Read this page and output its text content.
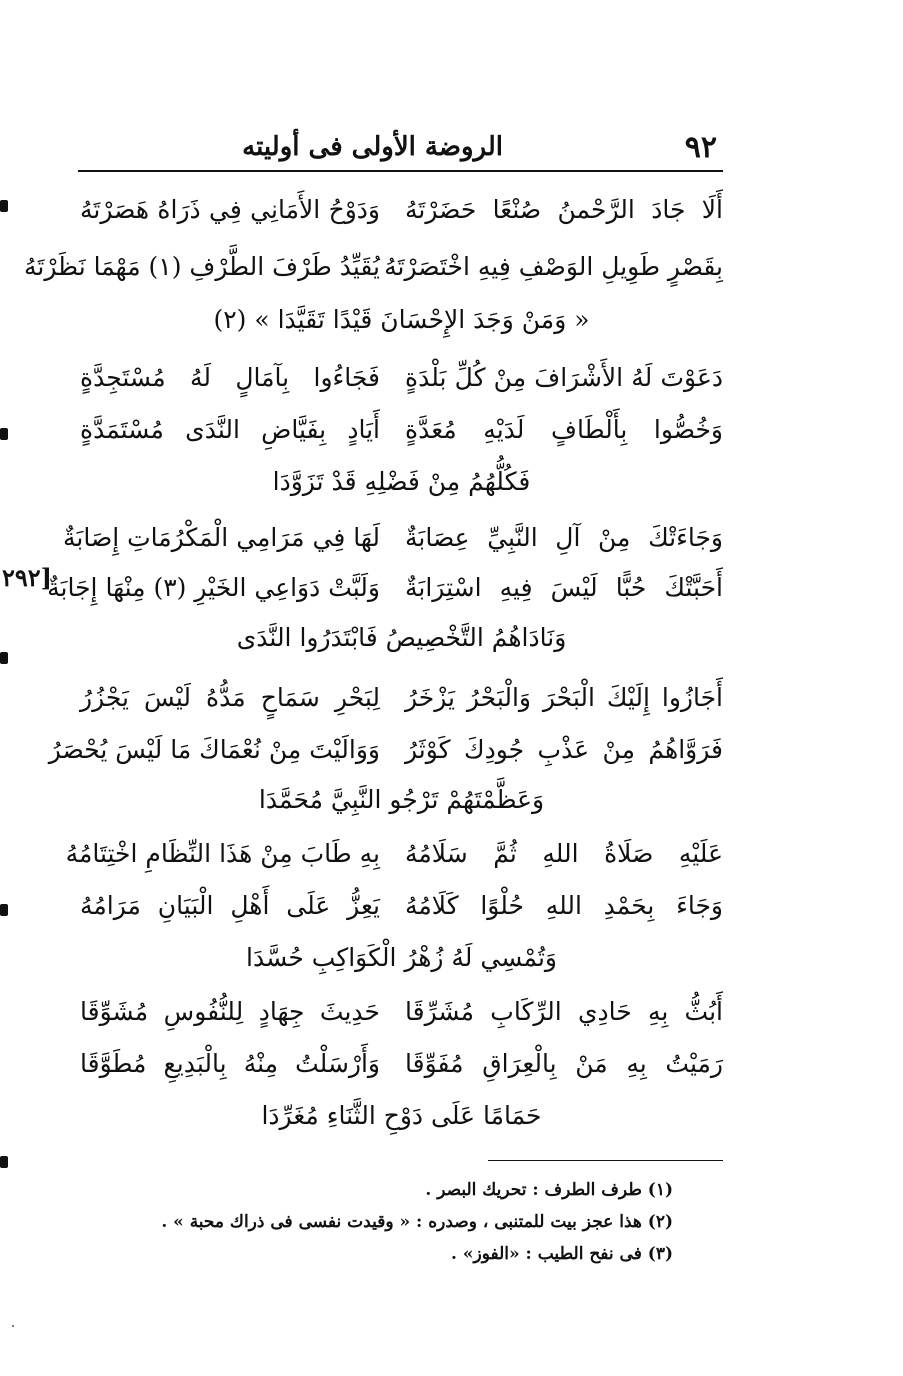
٩٢
الروضة الأولى فى أوليته
أَلَا جَادَ الرَّحْمنُ صُنْعًا حَضَرْتَهُ
وَدَوْحُ الأَمَانِي فِي ذَرَاهُ هَصَرْتَهُ
بِقَصْرٍ طَوِيلِ الوَصْفِ فِيهِ اخْتَصَرْتَهُ
يُقَيِّدُ طَرْفَ الطَّرْفِ (١) مَهْمَا نَظَرْتَهُ
« وَمَنْ وَجَدَ الإِحْسَانَ قَيْدًا تَقَيَّدَا » (٢)
دَعَوْتَ لَهُ الأَشْرَافَ مِنْ كُلِّ بَلْدَةٍ
فَجَاءُوا بِآمَالٍ لَهُ مُسْتَجِدَّةٍ
وَخُصُّوا بِأَلْطَافٍ لَدَيْهِ مُعَدَّةٍ
أَيَادٍ بِفَيَّاضِ النَّدَى مُسْتَمَدَّةٍ
فَكُلُّهُمُ مِنْ فَضْلِهِ قَدْ تَزَوَّدَا
وَجَاءَتْكَ مِنْ آلِ النَّبِيِّ عِصَابَةٌ
لَهَا فِي مَرَامِي الْمَكْرُمَاتِ إِصَابَةٌ
أَحَبَّتْكَ حُبًّا لَيْسَ فِيهِ اسْتِرَابَةٌ
وَلَبَّتْ دَوَاعِي الخَيْرِ (٣) مِنْهَا إِجَابَةٌ
وَنَادَاهُمُ التَّخْصِيصُ فَابْتَدَرُوا النَّدَى
أَجَازُوا إِلَيْكَ الْبَحْرَ وَالْبَحْرُ يَزْخَرُ
لِبَحْرِ سَمَاحٍ مَدُّهُ لَيْسَ يَجْزُرُ
فَرَوَّاهُمُ مِنْ عَذْبِ جُودِكَ كَوْثَرُ
وَوَالَيْتَ مِنْ نُعْمَاكَ مَا لَيْسَ يُحْصَرُ
وَعَظَّمْتَهُمْ تَرْجُو النَّبِيَّ مُحَمَّدَا
عَلَيْهِ صَلَاةُ اللهِ ثُمَّ سَلَامُهُ
بِهِ طَابَ مِنْ هَذَا النِّظَامِ اخْتِتَامُهُ
وَجَاءَ بِحَمْدِ اللهِ حُلْوًا كَلَامُهُ
يَعِزُّ عَلَى أَهْلِ الْبَيَانِ مَرَامُهُ
وَتُمْسِي لَهُ زُهْرُ الْكَوَاكِبِ حُسَّدَا
أَبُثُّ بِهِ حَادِي الرِّكَابِ مُشَرِّقَا
حَدِيثَ جِهَادٍ لِلنُّفُوسِ مُشَوِّقَا
رَمَيْتُ بِهِ مَنْ بِالْعِرَاقِ مُفَوِّقَا
وَأَرْسَلْتُ مِنْهُ بِالْبَدِيعِ مُطَوَّقَا
حَمَامًا عَلَى دَوْحِ الثَّنَاءِ مُغَرِّدَا
[٢٩٢
(١) طرف الطرف : تحريك البصر .
(٢) هذا عجز بيت للمتنبى ، وصدره : « وقيدت نفسى فى ذراك محبة » .
(٣) فى نفح الطيب : «الفوز» .
